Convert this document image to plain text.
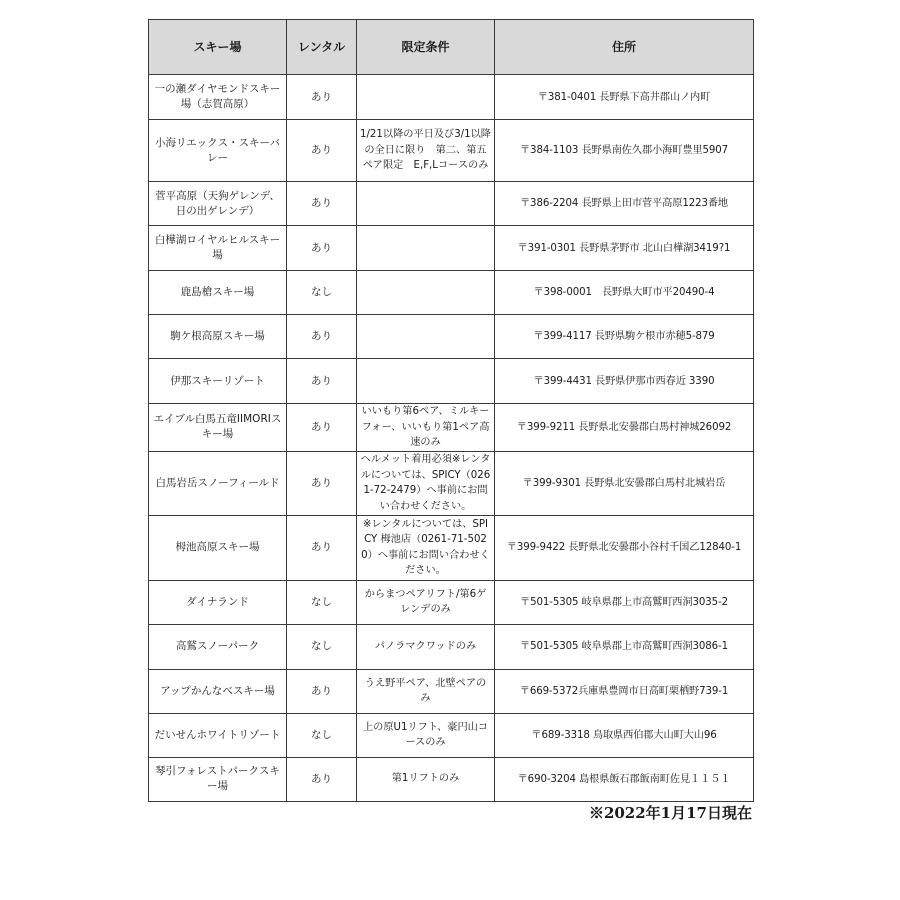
スキー場	レンタル	限定条件	住所
一の瀬ダイヤモンドスキー場（志賀高原）	あり		〒381-0401 長野県下高井郡山ノ内町
小海リエックス・スキーバレー	あり	1/21以降の平日及び3/1以降の全日に限り　第二、第五ペア限定　E,F,Lコースのみ	〒384-1103 長野県南佐久郡小海町豊里5907
菅平高原（天狗ゲレンデ、日の出ゲレンデ）	あり		〒386-2204 長野県上田市菅平高原1223番地
白樺湖ロイヤルヒルスキー場	あり		〒391-0301 長野県茅野市 北山白樺湖3419?1
鹿島槍スキー場	なし		〒398-0001　長野県大町市平20490-4
駒ケ根高原スキー場	あり		〒399-4117 長野県駒ケ根市赤穂5-879
伊那スキーリゾート	あり		〒399-4431 長野県伊那市西春近 3390
エイブル白馬五竜IIMORIスキー場	あり	いいもり第6ペア、ミルキーフォー、いいもり第1ペア高速のみ	〒399-9211 長野県北安曇郡白馬村神城26092
白馬岩岳スノーフィールド	あり	ヘルメット着用必須※レンタルについては、SPICY（0261-72-2479）へ事前にお問い合わせください。	〒399-9301 長野県北安曇郡白馬村北城岩岳
栂池高原スキー場	あり	※レンタルについては、SPICY 栂池店（0261-71-5020）へ事前にお問い合わせください。	〒399-9422 長野県北安曇郡小谷村千国乙12840-1
ダイナランド	なし	からまつペアリフト/第6ゲレンデのみ	〒501-5305 岐阜県郡上市高鷲町西洞3035-2
高鷲スノーパーク	なし	パノラマクワッドのみ	〒501-5305 岐阜県郡上市高鷲町西洞3086-1
アップかんなべスキー場	あり	うえ野平ペア、北壁ペアのみ	〒669-5372兵庫県豊岡市日高町栗栖野739-1
だいせんホワイトリゾート	なし	上の原U1リフト、豪円山コースのみ	〒689-3318 鳥取県西伯郡大山町大山96
琴引フォレストパークスキー場	あり	第1リフトのみ	〒690-3204 島根県飯石郡飯南町佐見１１５１
※2022年1月17日現在
